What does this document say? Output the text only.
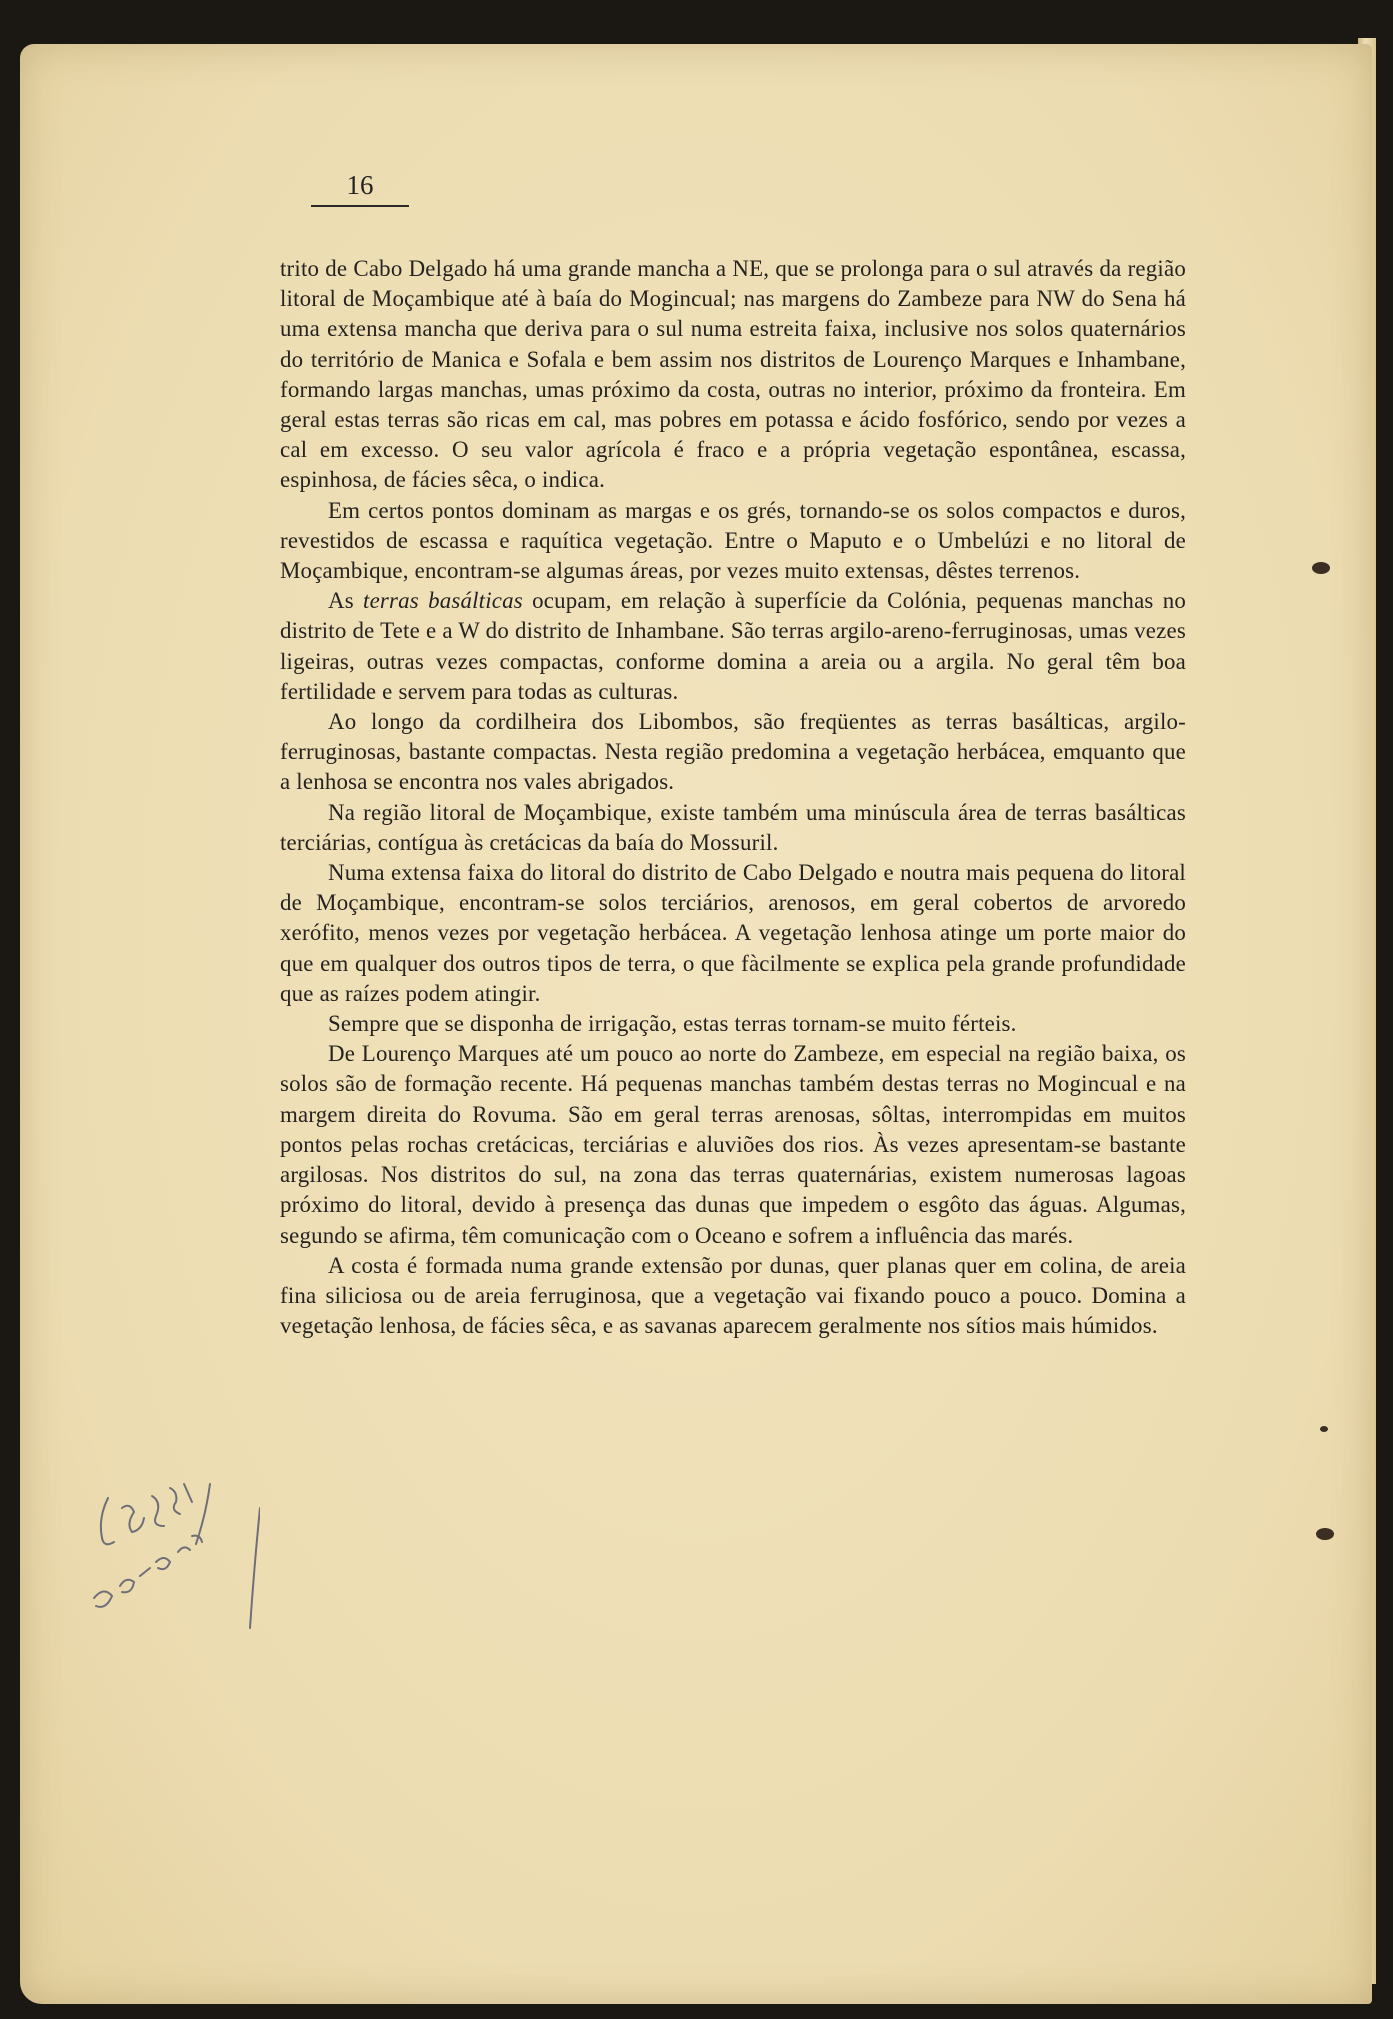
16

trito de Cabo Delgado há uma grande mancha a NE, que se prolonga para o sul através da região litoral de Moçambique até à baía do Mogincual; nas margens do Zambeze para NW do Sena há uma extensa mancha que deriva para o sul numa estreita faixa, inclusive nos solos quaternários do território de Manica e Sofala e bem assim nos distritos de Lourenço Marques e Inhambane, formando largas manchas, umas próximo da costa, outras no interior, próximo da fronteira. Em geral estas terras são ricas em cal, mas pobres em potassa e ácido fosfórico, sendo por vezes a cal em excesso. O seu valor agrícola é fraco e a própria vegetação espontânea, escassa, espinhosa, de fácies sêca, o indica.

Em certos pontos dominam as margas e os grés, tornando-se os solos compactos e duros, revestidos de escassa e raquítica vegetação. Entre o Maputo e o Umbelúzi e no litoral de Moçambique, encontram-se algumas áreas, por vezes muito extensas, dêstes terrenos.

As terras basálticas ocupam, em relação à superfície da Colónia, pequenas manchas no distrito de Tete e a W do distrito de Inhambane. São terras argilo-areno-ferruginosas, umas vezes ligeiras, outras vezes compactas, conforme domina a areia ou a argila. No geral têm boa fertilidade e servem para todas as culturas.

Ao longo da cordilheira dos Libombos, são freqüentes as terras basálticas, argilo-ferruginosas, bastante compactas. Nesta região predomina a vegetação herbácea, emquanto que a lenhosa se encontra nos vales abrigados.

Na região litoral de Moçambique, existe também uma minúscula área de terras basálticas terciárias, contígua às cretácicas da baía do Mossuril.

Numa extensa faixa do litoral do distrito de Cabo Delgado e noutra mais pequena do litoral de Moçambique, encontram-se solos terciários, arenosos, em geral cobertos de arvoredo xerófito, menos vezes por vegetação herbácea. A vegetação lenhosa atinge um porte maior do que em qualquer dos outros tipos de terra, o que fàcilmente se explica pela grande profundidade que as raízes podem atingir.

Sempre que se disponha de irrigação, estas terras tornam-se muito férteis.

De Lourenço Marques até um pouco ao norte do Zambeze, em especial na região baixa, os solos são de formação recente. Há pequenas manchas também destas terras no Mogincual e na margem direita do Rovuma. São em geral terras arenosas, sôltas, interrompidas em muitos pontos pelas rochas cretácicas, terciárias e aluviões dos rios. Às vezes apresentam-se bastante argilosas. Nos distritos do sul, na zona das terras quaternárias, existem numerosas lagoas próximo do litoral, devido à presença das dunas que impedem o esgôto das águas. Algumas, segundo se afirma, têm comunicação com o Oceano e sofrem a influência das marés.

A costa é formada numa grande extensão por dunas, quer planas quer em colina, de areia fina siliciosa ou de areia ferruginosa, que a vegetação vai fixando pouco a pouco. Domina a vegetação lenhosa, de fácies sêca, e as savanas aparecem geralmente nos sítios mais húmidos.
